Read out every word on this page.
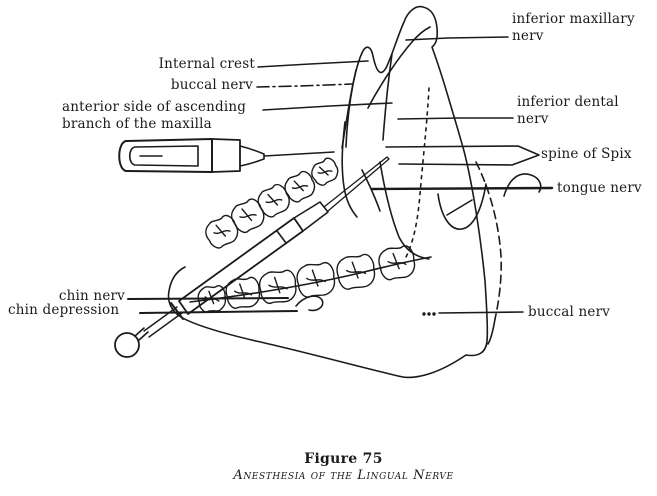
Internal crest
buccal nerv
anterior side of ascending branch of the maxilla
inferior maxillary nerv
inferior dental nerv
spine of Spix
tongue nerv
chin nerv
chin depression	buccal nerv
Figure 75
Anesthesia of the Lingual Nerve
